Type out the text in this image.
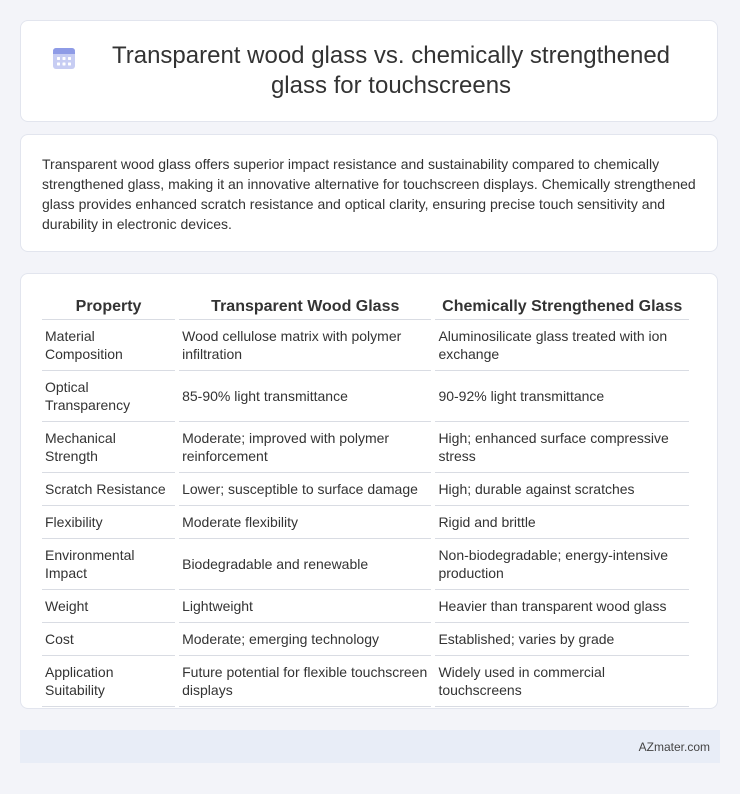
Transparent wood glass vs. chemically strengthened glass for touchscreens

Transparent wood glass offers superior impact resistance and sustainability compared to chemically strengthened glass, making it an innovative alternative for touchscreen displays. Chemically strengthened glass provides enhanced scratch resistance and optical clarity, ensuring precise touch sensitivity and durability in electronic devices.

Property	Transparent Wood Glass	Chemically Strengthened Glass
Material Composition	Wood cellulose matrix with polymer infiltration	Aluminosilicate glass treated with ion exchange
Optical Transparency	85-90% light transmittance	90-92% light transmittance
Mechanical Strength	Moderate; improved with polymer reinforcement	High; enhanced surface compressive stress
Scratch Resistance	Lower; susceptible to surface damage	High; durable against scratches
Flexibility	Moderate flexibility	Rigid and brittle
Environmental Impact	Biodegradable and renewable	Non-biodegradable; energy-intensive production
Weight	Lightweight	Heavier than transparent wood glass
Cost	Moderate; emerging technology	Established; varies by grade
Application Suitability	Future potential for flexible touchscreen displays	Widely used in commercial touchscreens
AZmater.com
